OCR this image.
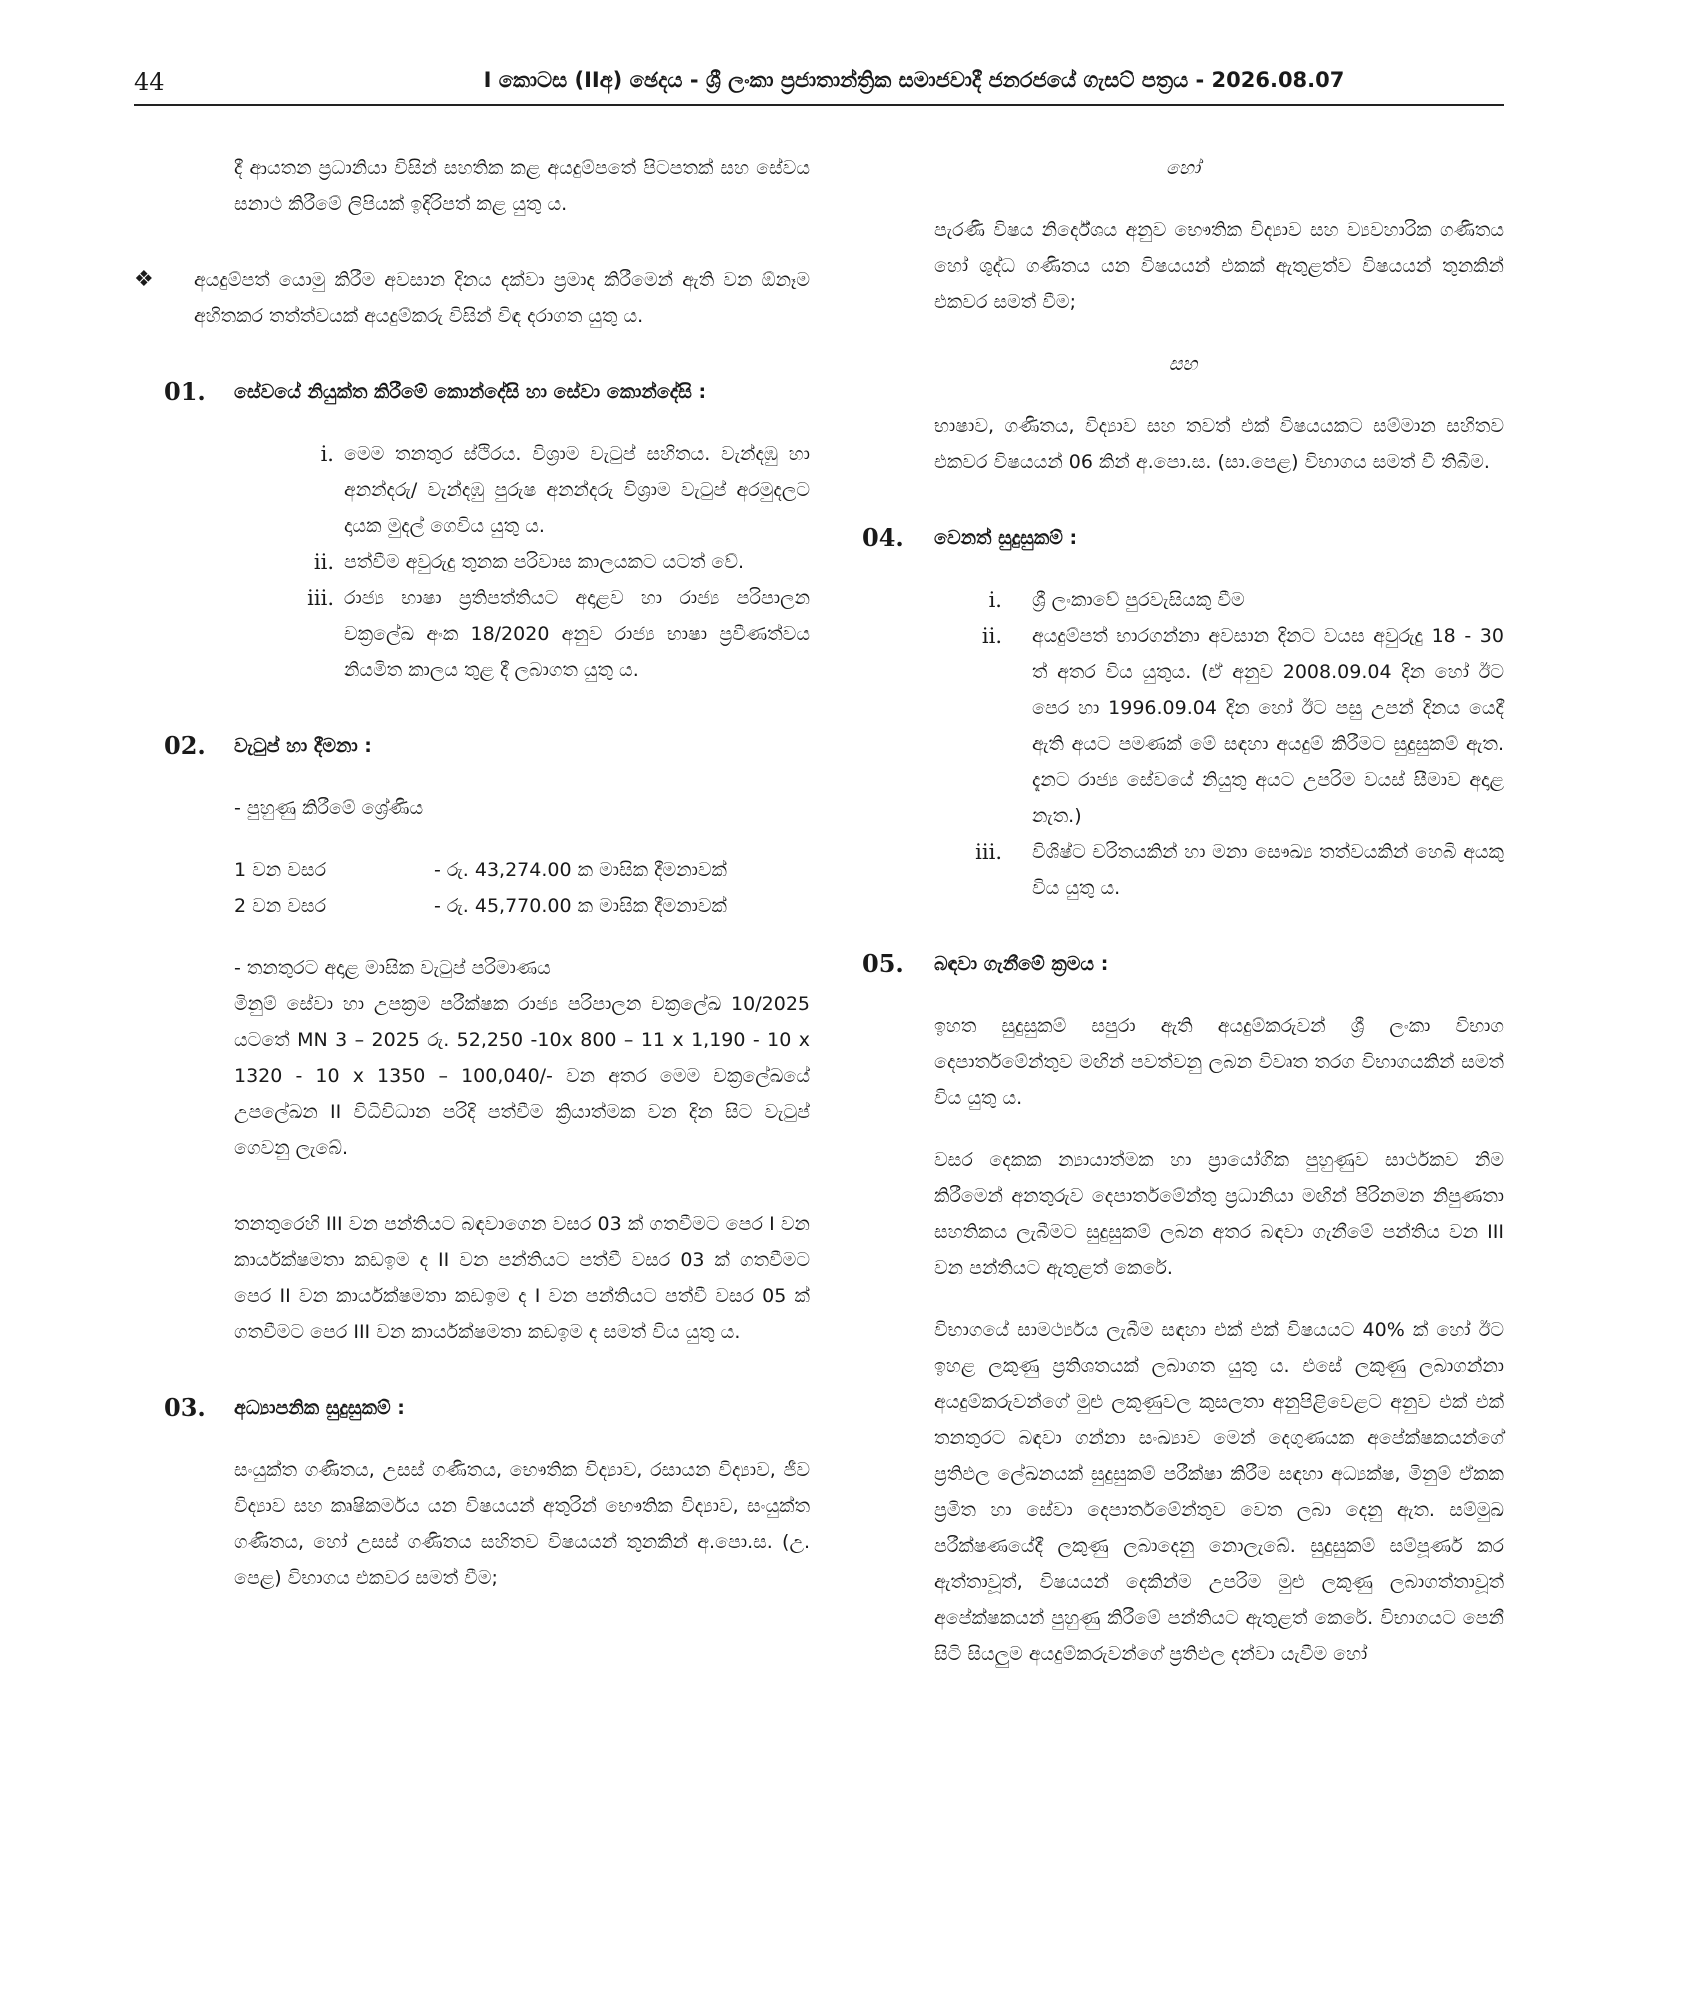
44	I කොටස (IIඅ) ඡෙදය - ශ්‍රී ලංකා ප්‍රජාතාන්ත්‍රික සමාජවාදී ජනරජයේ ගැසට් පත්‍රය - 2026.08.07

දී ආයතන ප්‍රධානියා විසින් සහතික කළ අයදුම්පතේ පිටපතක් සහ සේවය සනාථ කිරීමේ ලිපියක් ඉදිරිපත් කළ යුතු ය.

❖ අයදුම්පත් යොමු කිරීම අවසාන දිනය දක්වා ප්‍රමාද කිරීමෙන් ඇති වන ඕනෑම අහිතකර තත්ත්වයක් අයදුම්කරු විසින් විඳ දරාගත යුතු ය.

01. සේවයේ නියුක්ත කිරීමේ කොන්දේසි හා සේවා කොන්දේසි :

i. මෙම තනතුර ස්ථිරය. විශ්‍රාම වැටුප් සහිතය. වැන්දඹු හා අනන්දරු/ වැන්දඹු පුරුෂ අනන්දරු විශ්‍රාම වැටුප් අරමුදලට දායක මුදල් ගෙවිය යුතු ය.

ii. පත්වීම අවුරුදු තුනක පරිවාස කාලයකට යටත් වේ.

iii. රාජ්‍ය භාෂා ප්‍රතිපත්තියට අදාළව හා රාජ්‍ය පරිපාලන චක්‍රලේඛ අංක 18/2020 අනුව රාජ්‍ය භාෂා ප්‍රවීණත්වය නියමිත කාලය තුළ දී ලබාගත යුතු ය.

02. වැටුප් හා දීමනා :

- පුහුණු කිරීමේ ශ්‍රේණිය

1 වන වසර	- රු. 43,274.00 ක මාසික දීමනාවක්
2 වන වසර	- රු. 45,770.00 ක මාසික දීමනාවක්

- තනතුරට අදාළ මාසික වැටුප් පරිමාණය

මිනුම් සේවා හා උපක්‍රම පරීක්ෂක රාජ්‍ය පරිපාලන චක්‍රලේඛ 10/2025 යටතේ MN 3 – 2025 රු. 52,250 -10x 800 – 11 x 1,190 - 10 x 1320 - 10 x 1350 – 100,040/- වන අතර මෙම චක්‍රලේඛයේ උපලේඛන II විධිවිධාන පරිදි පත්වීම ක්‍රියාත්මක වන දින සිට වැටුප් ගෙවනු ලැබේ.

තනතුරෙහි III වන පන්තියට බඳවාගෙන වසර 03 ක් ගතවීමට පෙර I වන කාර්යක්ෂමතා කඩඉම ද II වන පන්තියට පත්වී වසර 03 ක් ගතවීමට පෙර II වන කාර්යක්ෂමතා කඩඉම ද I වන පන්තියට පත්වී වසර 05 ක් ගතවීමට පෙර III වන කාර්යක්ෂමතා කඩඉම ද සමත් විය යුතු ය.

03. අධ්‍යාපනික සුදුසුකම් :

සංයුක්ත ගණිතය, උසස් ගණිතය, භෞතික විද්‍යාව, රසායන විද්‍යාව, ජීව විද්‍යාව සහ කෘෂිකර්මය යන විෂයයන් අතුරින් භෞතික විද්‍යාව, සංයුක්ත ගණිතය, හෝ උසස් ගණිතය සහිතව විෂයයන් තුනකින් අ.පො.ස. (උ. පෙළ) විභාගය එකවර සමත් වීම;

හෝ

පැරණි විෂය නිර්දේශය අනුව භෞතික විද්‍යාව සහ ව්‍යවහාරික ගණිතය හෝ ශුද්ධ ගණිතය යන විෂයයන් එකක් ඇතුළත්ව විෂයයන් තුනකින් එකවර සමත් වීම;

සහ

භාෂාව, ගණිතය, විද්‍යාව සහ තවත් එක් විෂයයකට සම්මාන සහිතව එකවර විෂයයන් 06 කින් අ.පො.ස. (සා.පෙළ) විභාගය සමත් වී තිබීම.

04. වෙනත් සුදුසුකම් :

i. ශ්‍රී ලංකාවේ පුරවැසියකු වීම

ii. අයදුම්පත් භාරගන්නා අවසාන දිනට වයස අවුරුදු 18 - 30 ත් අතර විය යුතුය. (ඒ අනුව 2008.09.04 දින හෝ ඊට පෙර හා 1996.09.04 දින හෝ ඊට පසු උපන් දිනය යෙදී ඇති අයට පමණක් මේ සඳහා අයදුම් කිරීමට සුදුසුකම් ඇත. දැනට රාජ්‍ය සේවයේ නියුතු අයට උපරිම වයස් සීමාව අදාළ නැත.)

iii. විශිෂ්ට චරිතයකින් හා මනා සෞඛ්‍ය තත්වයකින් හෙබි අයකු විය යුතු ය.

05. බඳවා ගැනීමේ ක්‍රමය :

ඉහත සුදුසුකම් සපුරා ඇති අයදුම්කරුවන් ශ්‍රී ලංකා විභාග දෙපාර්තමේන්තුව මඟින් පවත්වනු ලබන විවෘත තරග විභාගයකින් සමත් විය යුතු ය.

වසර දෙකක න්‍යායාත්මක හා ප්‍රායෝගික පුහුණුව සාර්ථකව නිම කිරීමෙන් අනතුරුව දෙපාර්තමේන්තු ප්‍රධානියා මඟින් පිරිනමන නිපුණතා සහතිකය ලැබීමට සුදුසුකම් ලබන අතර බඳවා ගැනීමේ පන්තිය වන III වන පන්තියට ඇතුළත් කෙරේ.

විභාගයේ සාමර්ථ්‍යය ලැබීම සඳහා එක් එක් විෂයයට 40% ක් හෝ ඊට ඉහළ ලකුණු ප්‍රතිශතයක් ලබාගත යුතු ය. එසේ ලකුණු ලබාගන්නා අයදුම්කරුවන්ගේ මුළු ලකුණුවල කුසලතා අනුපිළිවෙළට අනුව එක් එක් තනතුරට බඳවා ගන්නා සංඛ්‍යාව මෙන් දෙගුණයක අපේක්ෂකයන්ගේ ප්‍රතිඵල ලේඛනයක් සුදුසුකම් පරීක්ෂා කිරීම සඳහා අධ්‍යක්ෂ, මිනුම් ඒකක ප්‍රමිත හා සේවා දෙපාර්තමේන්තුව වෙත ලබා දෙනු ඇත. සම්මුඛ පරීක්ෂණයේදී ලකුණු ලබාදෙනු නොලැබේ. සුදුසුකම් සම්පූර්ණ කර ඇත්තාවූත්, විෂයයන් දෙකින්ම උපරිම මුළු ලකුණු ලබාගත්තාවූත් අපේක්ෂකයන් පුහුණු කිරීමේ පන්තියට ඇතුළත් කෙරේ. විභාගයට පෙනී සිටි සියලුම අයදුම්කරුවන්ගේ ප්‍රතිඵල දන්වා යැවීම හෝ
